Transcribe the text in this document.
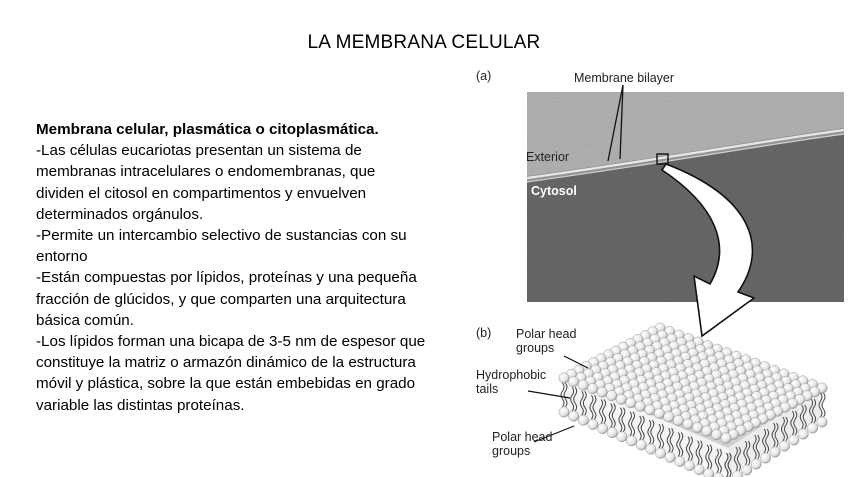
LA MEMBRANA CELULAR
Membrana celular, plasmática o citoplasmática.
-Las células eucariotas presentan un sistema de
membranas intracelulares o endomembranas, que
dividen el citosol en compartimentos y envuelven
determinados orgánulos.
-Permite un intercambio selectivo de sustancias con su
entorno
-Están compuestas por lípidos, proteínas y una pequeña
fracción de glúcidos, y que comparten una arquitectura
básica común.
-Los lípidos forman una bicapa de 3-5 nm de espesor que
constituye la matriz o armazón dinámico de la estructura
móvil y plástica, sobre la que están embebidas en grado
variable las distintas proteínas.
(a)	Membrane bilayer
Exterior
Cytosol
(b) Polar head
groups
Hydrophobic
tails
Polar head
groups
